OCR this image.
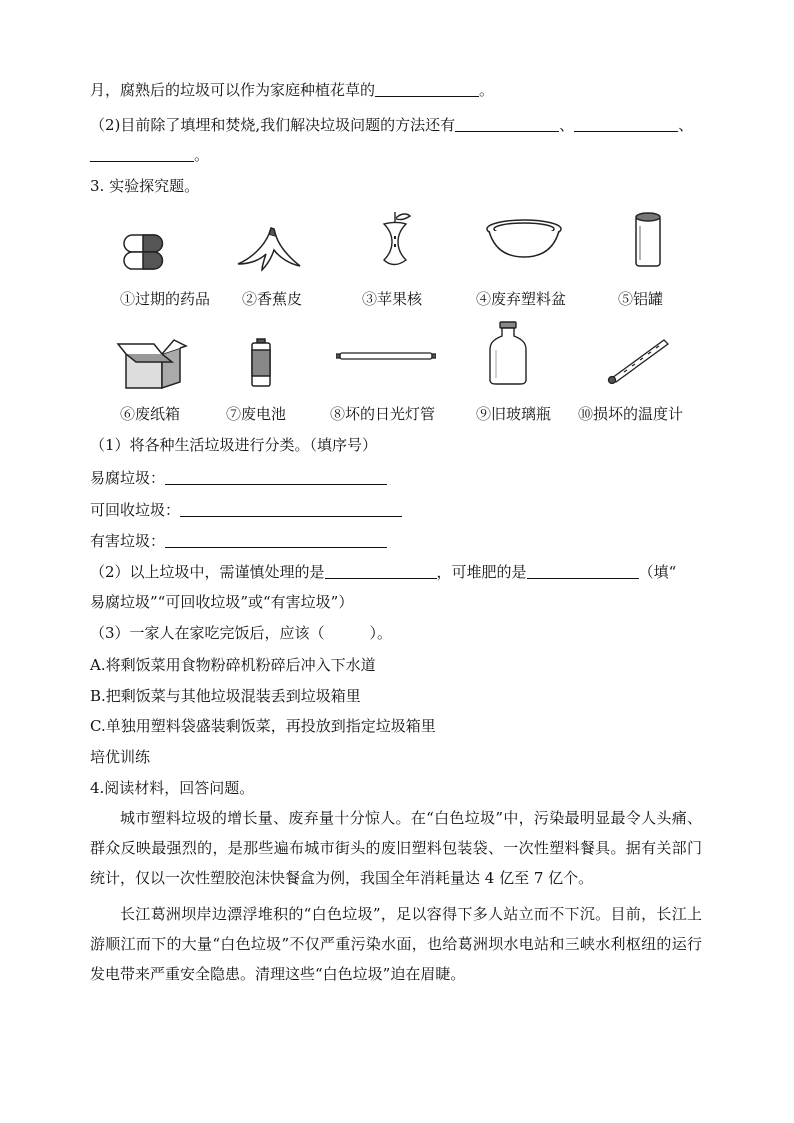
月，腐熟后的垃圾可以作为家庭种植花草的	。
（2)目前除了填埋和焚烧,我们解决垃圾问题的方法还有	、	、
。
3. 实验探究题。
①过期的药品 ②香蕉皮	③苹果核	④废弃塑料盆	⑤铝罐
⑥废纸箱	⑦废电池	⑧坏的日光灯管	⑨旧玻璃瓶 ⑩损坏的温度计
（1）将各种生活垃圾进行分类。（填序号）
易腐垃圾：
可回收垃圾：
有害垃圾：
（2）以上垃圾中，需谨慎处理的是	，可堆肥的是	（填“
易腐垃圾”“可回收垃圾”或“有害垃圾”）
（3）一家人在家吃完饭后，应该（　　　）。
A.将剩饭菜用食物粉碎机粉碎后冲入下水道
B.把剩饭菜与其他垃圾混装丢到垃圾箱里
C.单独用塑料袋盛装剩饭菜，再投放到指定垃圾箱里
培优训练
4.阅读材料，回答问题。
城市塑料垃圾的增长量、废弃量十分惊人。在“白色垃圾”中，污染最明显最令人头痛、群众反映最强烈的，是那些遍布城市街头的废旧塑料包装袋、一次性塑料餐具。据有关部门统计，仅以一次性塑胶泡沫快餐盒为例，我国全年消耗量达 4 亿至 7 亿个。
长江葛洲坝岸边漂浮堆积的“白色垃圾”，足以容得下多人站立而不下沉。目前，长江上游顺江而下的大量“白色垃圾”不仅严重污染水面，也给葛洲坝水电站和三峡水利枢纽的运行发电带来严重安全隐患。清理这些“白色垃圾”迫在眉睫。
